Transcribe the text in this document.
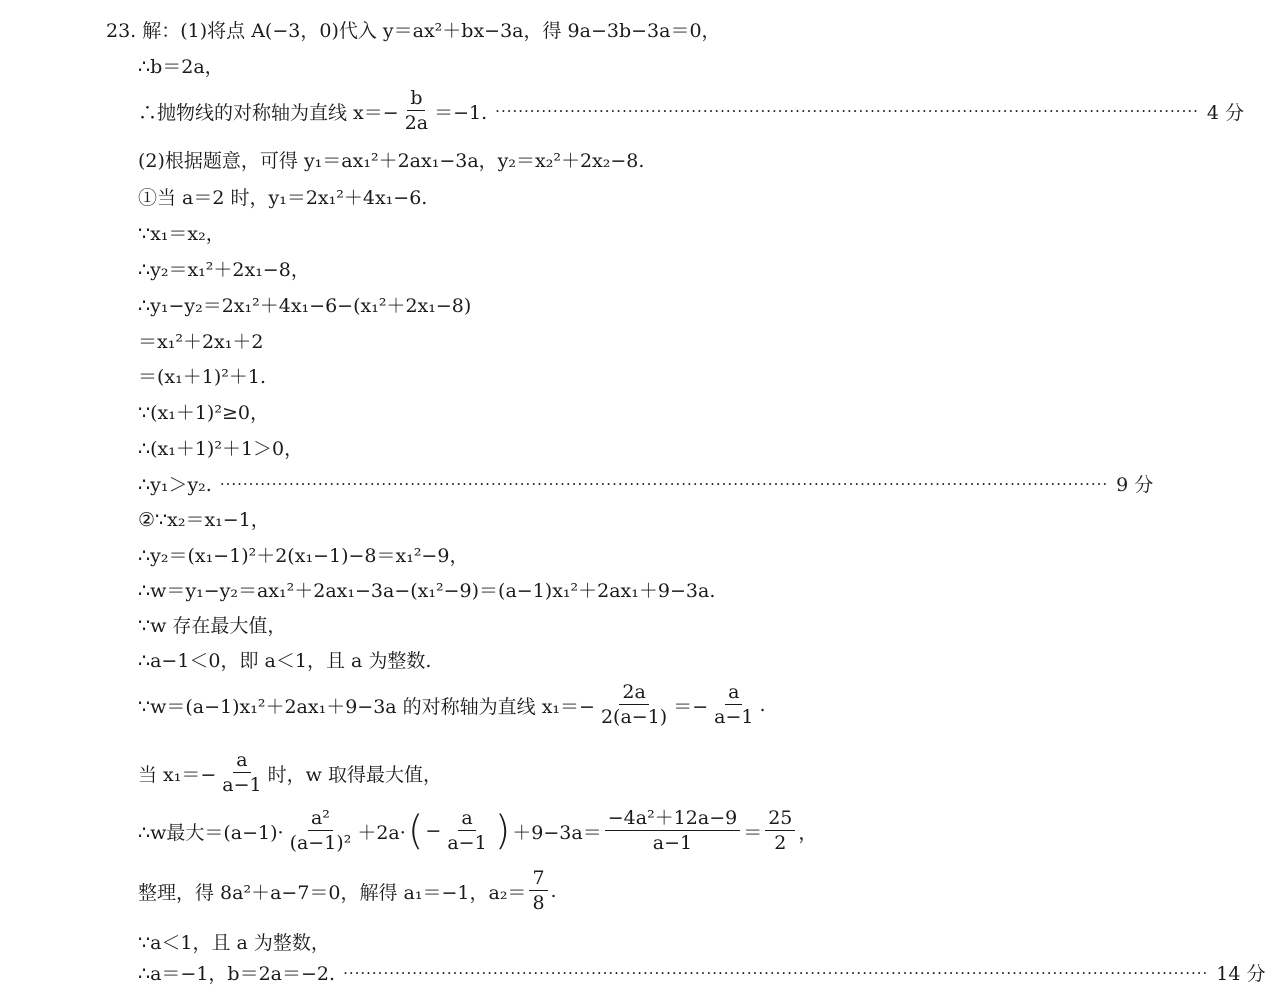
23. 解：(1)将点 A(−3，0)代入 y＝ax²＋bx−3a，得 9a−3b−3a＝0，
∴b＝2a，
∴抛物线的对称轴为直线 $x=- \frac{b}{2a} =-1$. ·························································································································· 4 分
(2)根据题意，可得 y₁＝ax₁²＋2ax₁−3a，y₂＝x₂²＋2x₂−8.
①当 a＝2 时，y₁＝2x₁²＋4x₁−6.
∵x₁＝x₂，
∴y₂＝x₁²＋2x₁−8，
∴y₁−y₂＝2x₁²＋4x₁−6−(x₁²＋2x₁−8)
＝x₁²＋2x₁＋2
＝(x₁＋1)²＋1.
∵(x₁＋1)²≥0，
∴(x₁＋1)²＋1＞0，
∴y₁＞y₂. ·························································································································································· 9 分
②∵x₂＝x₁−1，
∴y₂＝(x₁−1)²＋2(x₁−1)−8＝x₁²−9，
∴w＝y₁−y₂＝ax₁²＋2ax₁−3a−(x₁²−9)＝(a−1)x₁²＋2ax₁＋9−3a.
∵w 存在最大值，
∴a−1＜0，即 a＜1，且 a 为整数.
∵w＝(a−1)x₁²＋2ax₁＋9−3a 的对称轴为直线 $x_1=- \frac{2a}{2(a-1)} =- \frac{a}{a-1}$ .
当 $x_1=- \frac{a}{a-1}$ 时，w 取得最大值，
∴w最大$=(a-1)\cdot \frac{\text{a²}}{\text{(a−1)²}} +2a\cdot$ ( − $\frac{a}{a-1}$ ) $+9-3a= \frac{\text{−4a²＋12a−9}}{a-1} = \frac{25}{2}$ ，
整理，得 8a²＋a−7＝0，解得 a₁＝−1，$a_2= \frac{7}{8}$ .
∵a＜1，且 a 为整数，
∴a＝−1，b＝2a＝−2. ······················································································································································ 14 分
